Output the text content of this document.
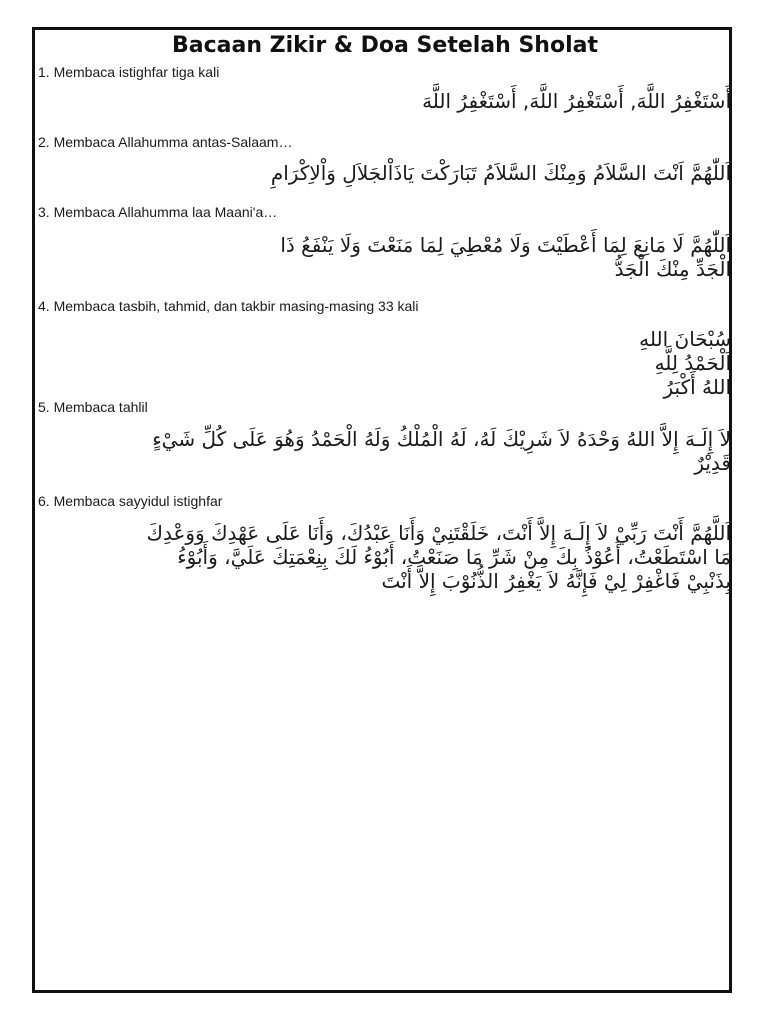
Bacaan Zikir & Doa Setelah Sholat

1. Membaca istighfar tiga kali

أَسْتَغْفِرُ اللَّهَ, أَسْتَغْفِرُ اللَّهَ, أَسْتَغْفِرُ اللَّهَ

2. Membaca Allahumma antas-Salaam…

اَللّٰهُمَّ اَنْتَ السَّلاَمُ وَمِنْكَ السَّلاَمُ تَبَارَكْتَ يَاذَاْلجَلاَلِ وَاْلاِكْرَامِ

3. Membaca Allahumma laa Maani'a…

اَللّٰهُمَّ لَا مَانِعَ لِمَا أَعْطَيْتَ وَلَا مُعْطِيَ لِمَا مَنَعْتَ وَلَا يَنْفَعُ ذَا
الْجَدِّ مِنْكَ الْجَدُّ

4. Membaca tasbih, tahmid, dan takbir masing-masing 33 kali

سُبْحَانَ اللهِ
اَلْحَمْدُ لِلَّهِ
اللهُ أَكْبَرُ

5. Membaca tahlil

لاَ إِلَـهَ إِلاَّ اللهُ وَحْدَهُ لاَ شَرِيْكَ لَهُ، لَهُ الْمُلْكُ وَلَهُ الْحَمْدُ وَهُوَ عَلَى كُلِّ شَيْءٍ
قَدِيْرٌ

6. Membaca sayyidul istighfar

اَللَّهُمَّ أَنْتَ رَبِّيْ لاَ إِلَـهَ إِلاَّ أَنْتَ، خَلَقْتَنِيْ وَأَنَا عَبْدُكَ، وَأَنَا عَلَى عَهْدِكَ وَوَعْدِكَ
مَا اسْتَطَعْتُ، أَعُوْذُ بِكَ مِنْ شَرِّ مَا صَنَعْتُ، أَبُوْءُ لَكَ بِنِعْمَتِكَ عَلَيَّ، وَأَبُوْءُ
بِذَنْبِيْ فَاغْفِرْ لِيْ فَإِنَّهُ لاَ يَغْفِرُ الذُّنُوْبَ إِلاَّ أَنْتَ
